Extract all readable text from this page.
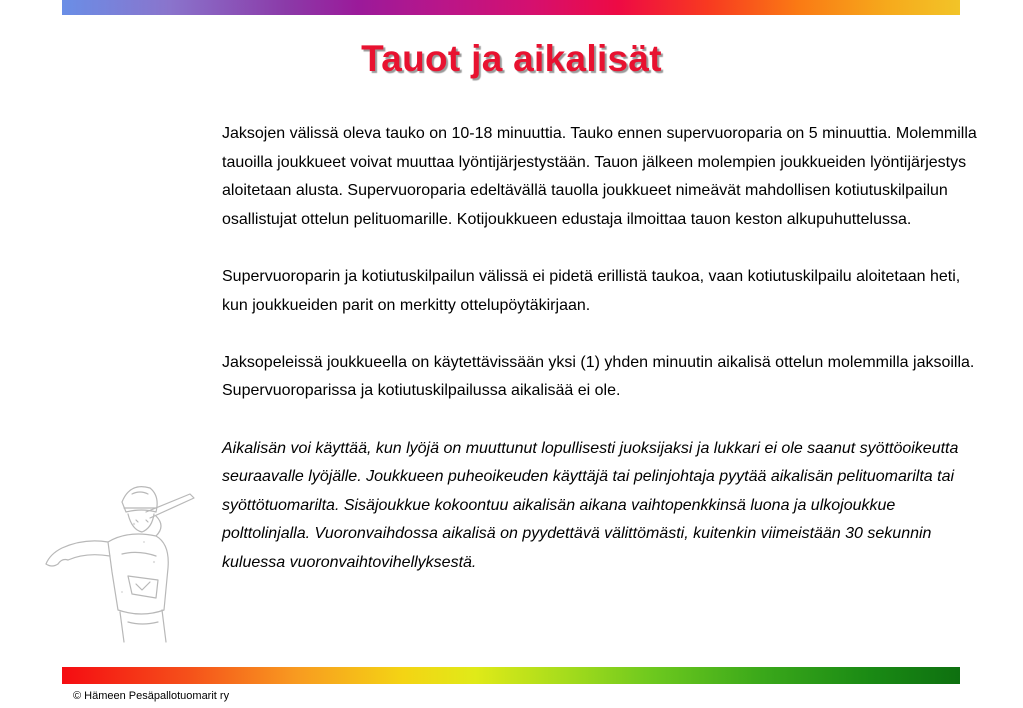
Tauot ja aikalisät

Jaksojen välissä oleva tauko on 10-18 minuuttia. Tauko ennen supervuoroparia on 5 minuuttia. Molemmilla tauoilla joukkueet voivat muuttaa lyöntijärjestystään. Tauon jälkeen molempien joukkueiden lyöntijärjestys aloitetaan alusta. Supervuoroparia edeltävällä tauolla joukkueet nimeävät mahdollisen kotiutuskilpailun osallistujat ottelun pelituomarille. Kotijoukkueen edustaja ilmoittaa tauon keston alkupuhuttelussa.

Supervuoroparin ja kotiutuskilpailun välissä ei pidetä erillistä taukoa, vaan kotiutuskilpailu aloitetaan heti, kun joukkueiden parit on merkitty ottelupöytäkirjaan.

Jaksopeleissä joukkueella on käytettävissään yksi (1) yhden minuutin aikalisä ottelun molemmilla jaksoilla. Supervuoroparissa ja kotiutuskilpailussa aikalisää ei ole.

Aikalisän voi käyttää, kun lyöjä on muuttunut lopullisesti juoksijaksi ja lukkari ei ole saanut syöttöoikeutta seuraavalle lyöjälle. Joukkueen puheoikeuden käyttäjä tai pelinjohtaja pyytää aikalisän pelituomarilta tai syöttötuomarilta. Sisäjoukkue kokoontuu aikalisän aikana vaihtopenkkinsä luona ja ulkojoukkue polttolinjalla. Vuoronvaihdossa aikalisä on pyydettävä välittömästi, kuitenkin viimeistään 30 sekunnin kuluessa vuoronvaihtovihellyksestä.

© Hämeen Pesäpallotuomarit ry
